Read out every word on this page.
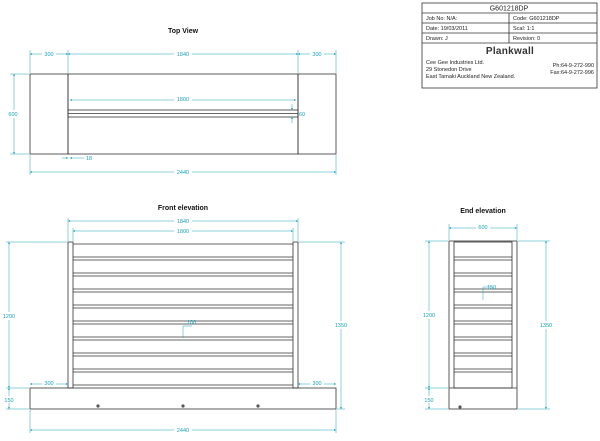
G601218DP
Job No: N/A:	Code: G601218DP
Date: 19/03/2011	Scal: 1:1
Drawn: J	Revision: 0
Plankwall
Cee Gee Industries Ltd.
29 Stonedon Drive
East Tamaki Auckland New Zealand.
Ph:64-9-272-990
Fax:64-9-272-996
Top View
300	1840	300
1800
600	60
18
2440
Front elevation
1840
1800
1200
150
1350
100
300	300
2440
End elevation
600
1200
150
1350
150
